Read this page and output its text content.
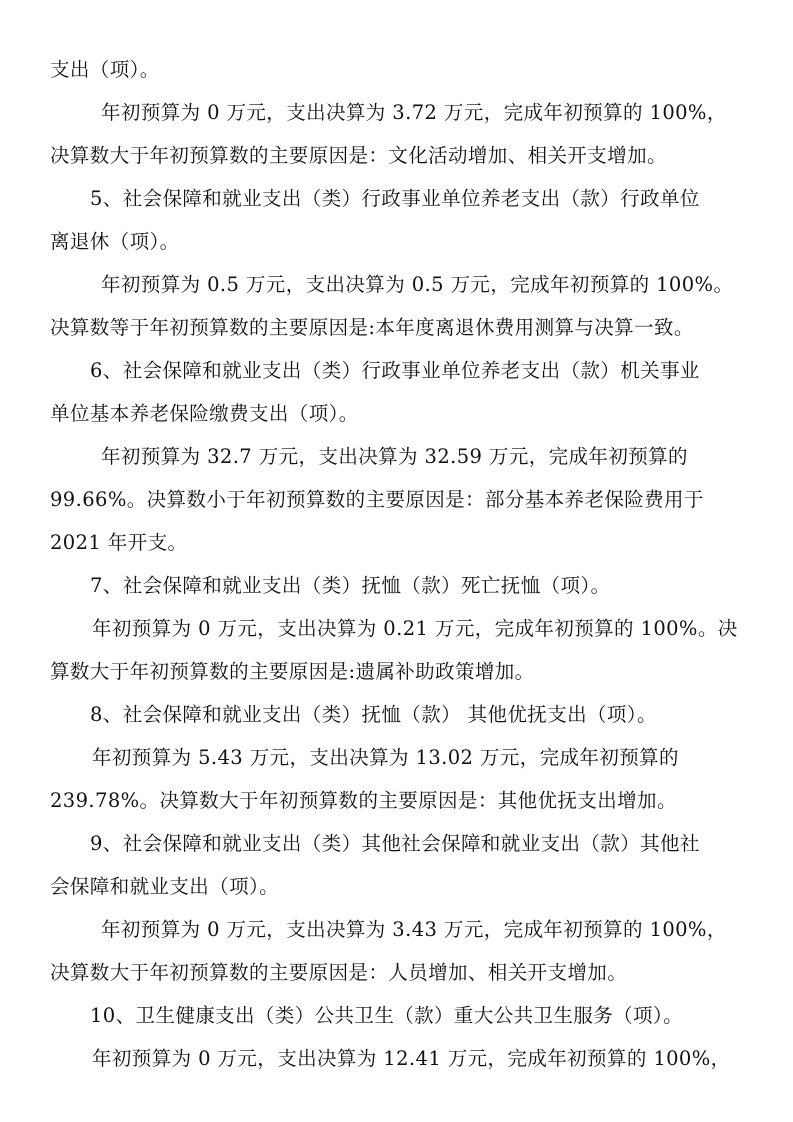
支出（项）。
年初预算为 0 万元，支出决算为 3.72 万元，完成年初预算的 100%，
决算数大于年初预算数的主要原因是：文化活动增加、相关开支增加。
5、社会保障和就业支出（类）行政事业单位养老支出（款）行政单位
离退休（项）。
年初预算为 0.5 万元，支出决算为 0.5 万元，完成年初预算的 100%。
决算数等于年初预算数的主要原因是:本年度离退休费用测算与决算一致。
6、社会保障和就业支出（类）行政事业单位养老支出（款）机关事业
单位基本养老保险缴费支出（项）。
年初预算为 32.7 万元，支出决算为 32.59 万元，完成年初预算的
99.66%。决算数小于年初预算数的主要原因是：部分基本养老保险费用于
2021 年开支。
7、社会保障和就业支出（类）抚恤（款）死亡抚恤（项）。
年初预算为 0 万元，支出决算为 0.21 万元，完成年初预算的 100%。决
算数大于年初预算数的主要原因是:遗属补助政策增加。
8、社会保障和就业支出（类）抚恤（款） 其他优抚支出（项）。
年初预算为 5.43 万元，支出决算为 13.02 万元，完成年初预算的
239.78%。决算数大于年初预算数的主要原因是：其他优抚支出增加。
9、社会保障和就业支出（类）其他社会保障和就业支出（款）其他社
会保障和就业支出（项）。
年初预算为 0 万元，支出决算为 3.43 万元，完成年初预算的 100%，
决算数大于年初预算数的主要原因是：人员增加、相关开支增加。
10、卫生健康支出（类）公共卫生（款）重大公共卫生服务（项）。
年初预算为 0 万元，支出决算为 12.41 万元，完成年初预算的 100%，
